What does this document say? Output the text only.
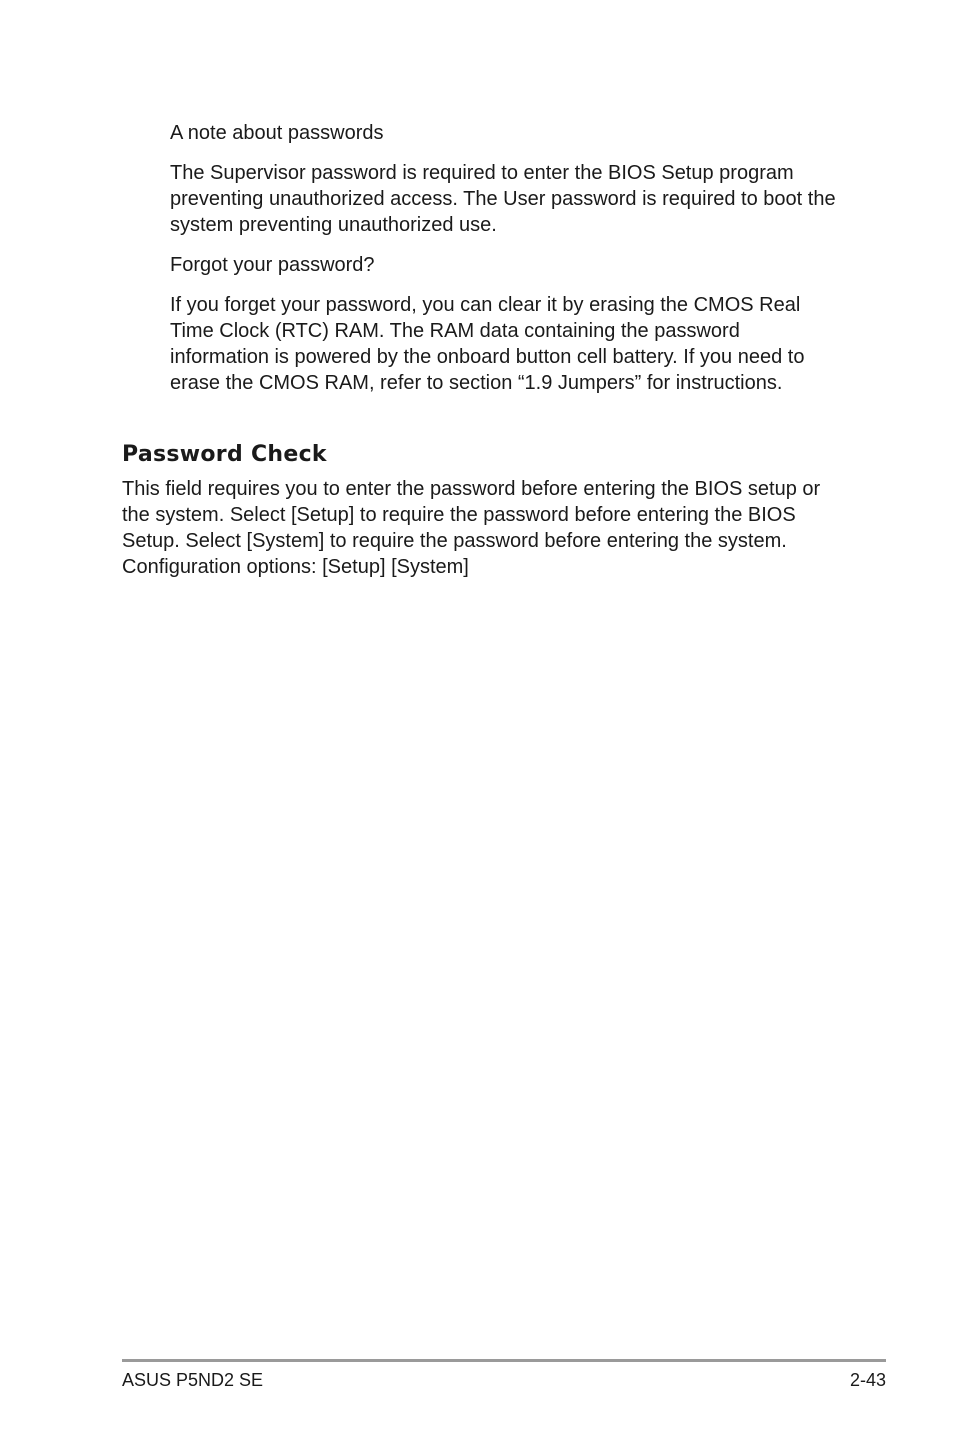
A note about passwords

The Supervisor password is required to enter the BIOS Setup program preventing unauthorized access. The User password is required to boot the system preventing unauthorized use.

Forgot your password?

If you forget your password, you can clear it by erasing the CMOS Real Time Clock (RTC) RAM. The RAM data containing the password information is powered by the onboard button cell battery. If you need to erase the CMOS RAM, refer to section “1.9 Jumpers” for instructions.

Password Check

This field requires you to enter the password before entering the BIOS setup or the system. Select [Setup] to require the password before entering the BIOS Setup. Select [System] to require the password before entering the system.

Configuration options: [Setup] [System]

ASUS P5ND2 SE	2-43
